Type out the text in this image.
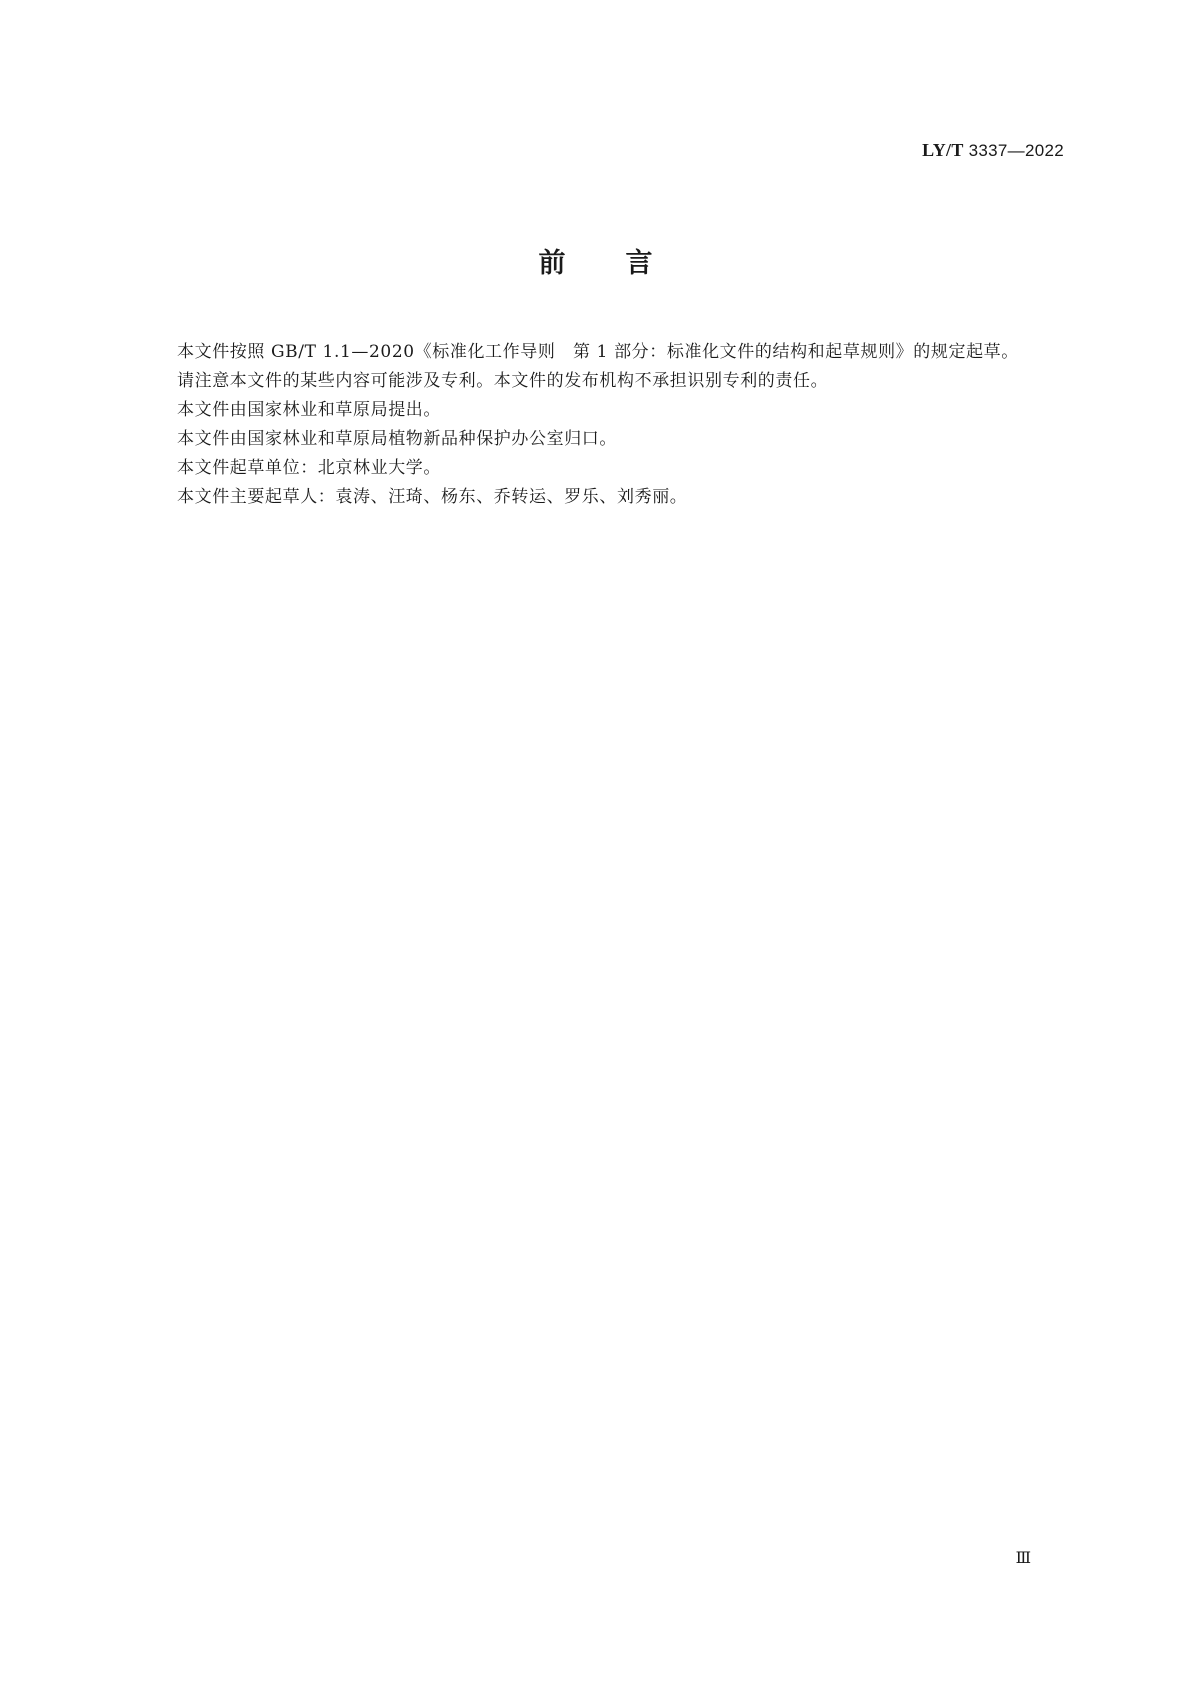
LY/T 3337—2022
前言

本文件按照 GB/T 1.1—2020《标准化工作导则　第 1 部分：标准化文件的结构和起草规则》的规定起草。

请注意本文件的某些内容可能涉及专利。本文件的发布机构不承担识别专利的责任。

本文件由国家林业和草原局提出。

本文件由国家林业和草原局植物新品种保护办公室归口。

本文件起草单位：北京林业大学。

本文件主要起草人：袁涛、汪琦、杨东、乔转运、罗乐、刘秀丽。

Ⅲ
